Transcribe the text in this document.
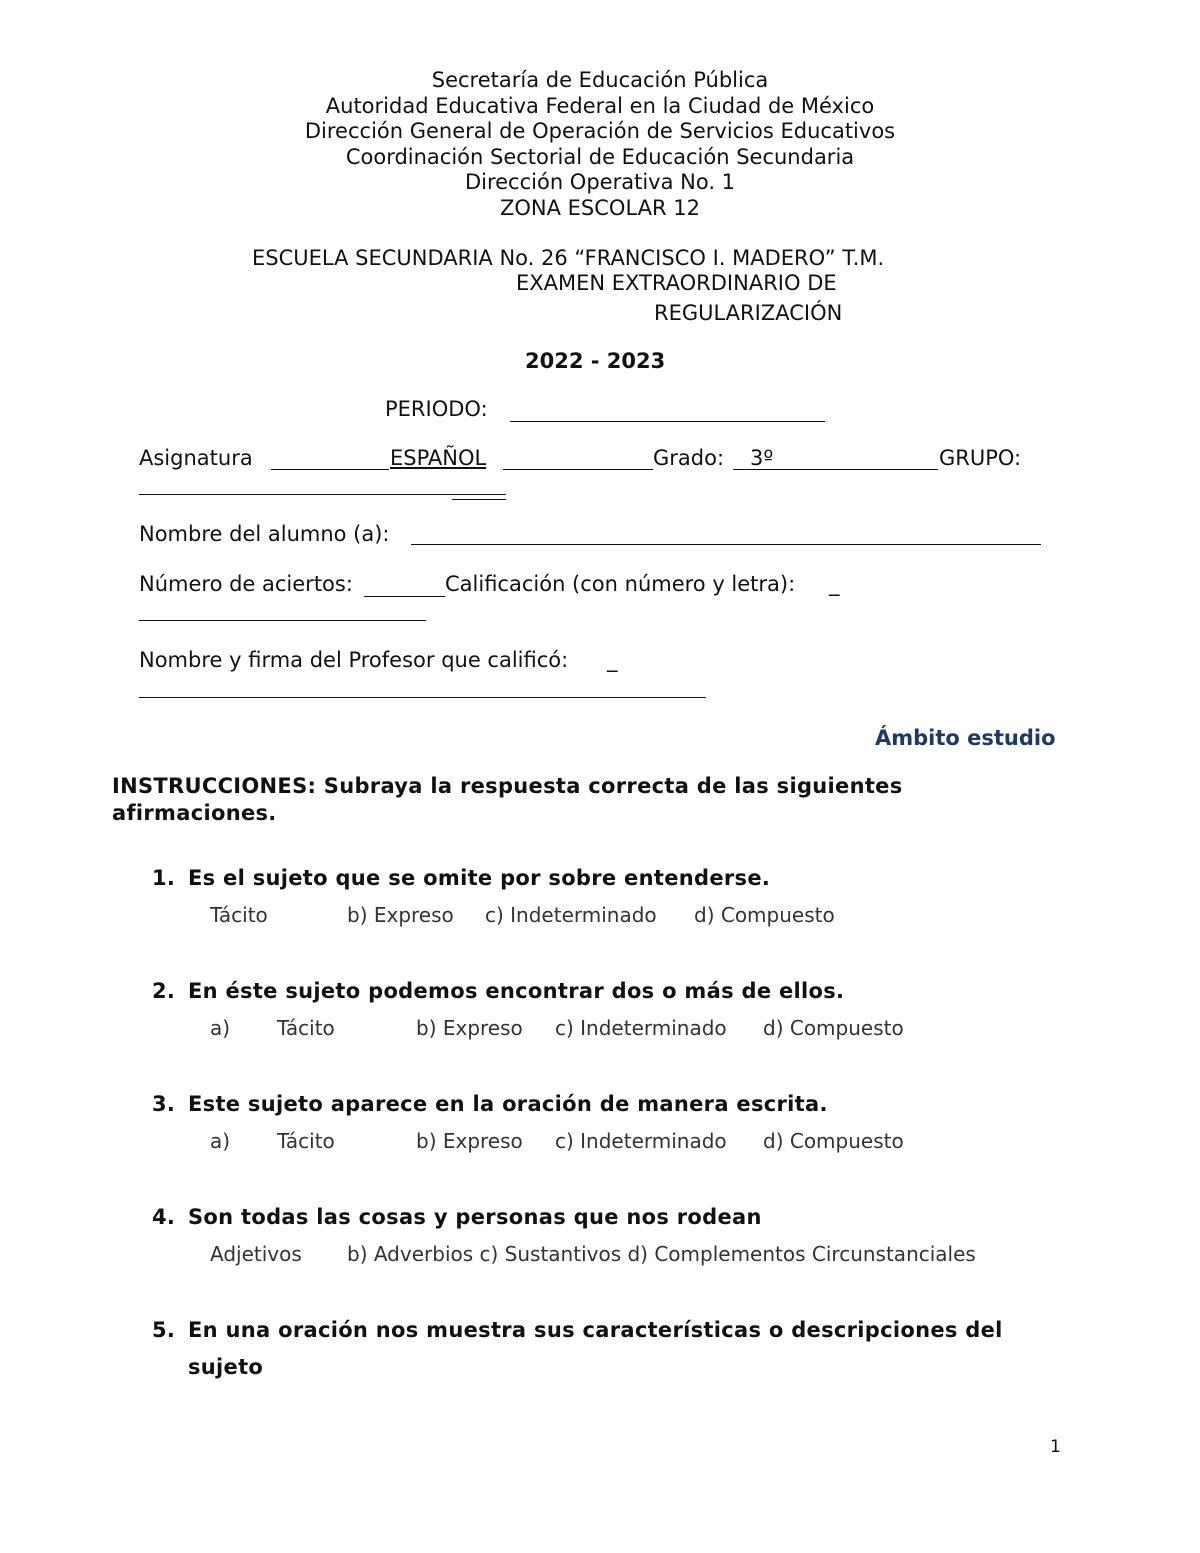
Secretaría de Educación Pública
Autoridad Educativa Federal en la Ciudad de México
Dirección General de Operación de Servicios Educativos
Coordinación Sectorial de Educación Secundaria
Dirección Operativa No. 1
ZONA ESCOLAR 12
ESCUELA SECUNDARIA No. 26 “FRANCISCO I. MADERO” T.M.
EXAMEN EXTRAORDINARIO DE
REGULARIZACIÓN
2022 - 2023
PERIODO:
Asignatura	ESPAÑOL	Grado: 3º	GRUPO:
Nombre del alumno (a):
Número de aciertos:	Calificación (con número y letra): _
Nombre y firma del Profesor que calificó: _
Ámbito estudio
INSTRUCCIONES: Subraya la respuesta correcta de las siguientes
afirmaciones.
1. Es el sujeto que se omite por sobre entenderse.
Tácito	b) Expreso c) Indeterminado d) Compuesto
2. En éste sujeto podemos encontrar dos o más de ellos.
a) Tácito	b) Expreso c) Indeterminado d) Compuesto
3. Este sujeto aparece en la oración de manera escrita.
a) Tácito	b) Expreso c) Indeterminado d) Compuesto
4. Son todas las cosas y personas que nos rodean
Adjetivos b) Adverbios c) Sustantivos d) Complementos Circunstanciales
5. En una oración nos muestra sus características o descripciones del
sujeto
1
